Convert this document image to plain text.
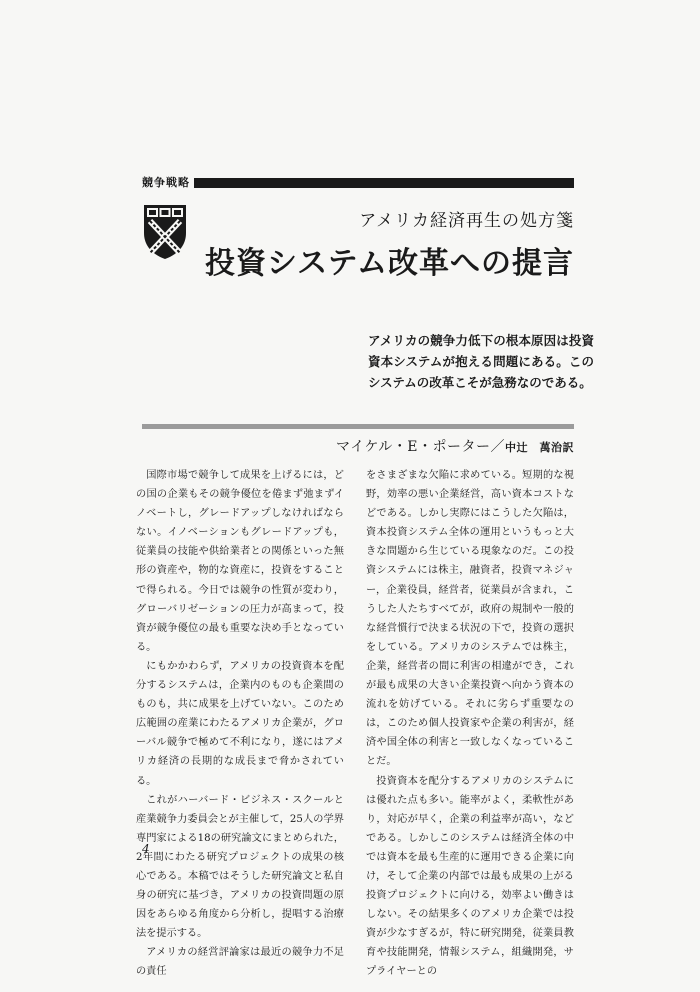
競争戦略
アメリカ経済再生の処方箋
投資システム改革への提言
アメリカの競争力低下の根本原因は投資資本システムが抱える問題にある。このシステムの改革こそが急務なのである。
マイケル・E・ポーター／中辻　萬治訳

国際市場で競争して成果を上げるには，どの国の企業もその競争優位を倦まず弛まずイノベートし，グレードアップしなければならない。イノベーションもグレードアップも，従業員の技能や供給業者との関係といった無形の資産や，物的な資産に，投資をすることで得られる。今日では競争の性質が変わり，グローバリゼーションの圧力が高まって，投資が競争優位の最も重要な決め手となっている。

にもかかわらず，アメリカの投資資本を配分するシステムは，企業内のものも企業間のものも，共に成果を上げていない。このため広範囲の産業にわたるアメリカ企業が，グローバル競争で極めて不利になり，遂にはアメリカ経済の長期的な成長まで脅かされている。

これがハーバード・ビジネス・スクールと産業競争力委員会とが主催して，25人の学界専門家による18の研究論文にまとめられた，2年間にわたる研究プロジェクトの成果の核心である。本稿ではそうした研究論文と私自身の研究に基づき，アメリカの投資問題の原因をあらゆる角度から分析し，提唱する治療法を提示する。

アメリカの経営評論家は最近の競争力不足の責任

をさまざまな欠陥に求めている。短期的な視野，効率の悪い企業経営，高い資本コストなどである。しかし実際にはこうした欠陥は，資本投資システム全体の運用というもっと大きな問題から生じている現象なのだ。この投資システムには株主，融資者，投資マネジャー，企業役員，経営者，従業員が含まれ，こうした人たちすべてが，政府の規制や一般的な経営慣行で決まる状況の下で，投資の選択をしている。アメリカのシステムでは株主，企業，経営者の間に利害の相違ができ，これが最も成果の大きい企業投資へ向かう資本の流れを妨げている。それに劣らず重要なのは，このため個人投資家や企業の利害が，経済や国全体の利害と一致しなくなっていることだ。

投資資本を配分するアメリカのシステムには優れた点も多い。能率がよく，柔軟性があり，対応が早く，企業の利益率が高い，などである。しかしこのシステムは経済全体の中では資本を最も生産的に運用できる企業に向け，そして企業の内部では最も成果の上がる投資プロジェクトに向ける，効率よい働きはしない。その結果多くのアメリカ企業では投資が少なすぎるが，特に研究開発，従業員教育や技能開発，情報システム，組織開発，サプライヤーとの

4
